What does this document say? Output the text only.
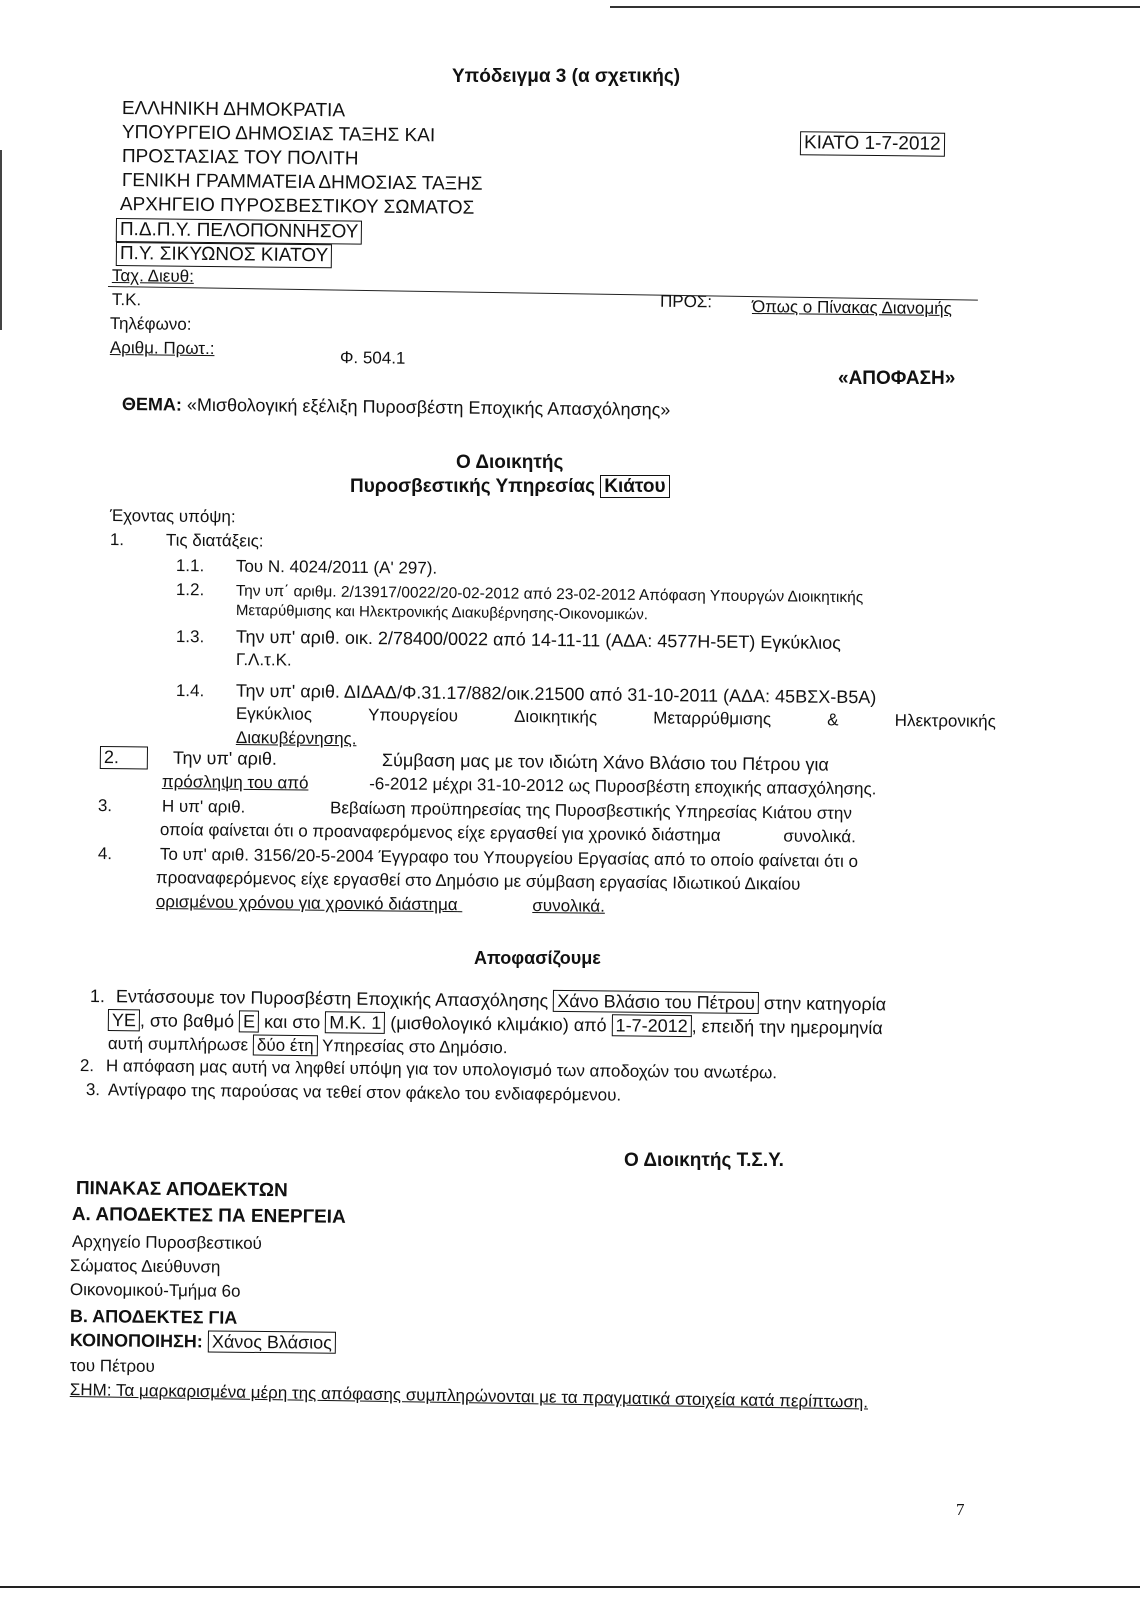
Υπόδειγμα 3 (α σχετικής)
ΕΛΛΗΝΙΚΗ ΔΗΜΟΚΡΑΤΙΑ
ΥΠΟΥΡΓΕΙΟ ΔΗΜΟΣΙΑΣ ΤΑΞΗΣ ΚΑΙ
ΠΡΟΣΤΑΣΙΑΣ ΤΟΥ ΠΟΛΙΤΗ
ΓΕΝΙΚΗ ΓΡΑΜΜΑΤΕΙΑ ΔΗΜΟΣΙΑΣ ΤΑΞΗΣ
ΑΡΧΗΓΕΙΟ ΠΥΡΟΣΒΕΣΤΙΚΟΥ ΣΩΜΑΤΟΣ
Π.Δ.Π.Υ. ΠΕΛΟΠΟΝΝΗΣΟΥ
Π.Υ. ΣΙΚΥΩΝΟΣ ΚΙΑΤΟΥ
ΚΙΑΤΟ 1-7-2012
Ταχ. Διευθ:
Τ.Κ.
Τηλέφωνο:
Αριθμ. Πρωτ.:	Φ. 504.1
ΠΡΟΣ: Όπως ο Πίνακας Διανομής
«ΑΠΟΦΑΣΗ»
ΘΕΜΑ: «Μισθολογική εξέλιξη Πυροσβέστη Εποχικής Απασχόλησης»
Ο Διοικητής
Πυροσβεστικής Υπηρεσίας Κιάτου
Έχοντας υπόψη:
1. Τις διατάξεις:
1.1. Του Ν. 4024/2011 (Α' 297).
1.2. Την υπ΄ αριθμ. 2/13917/0022/20-02-2012 από 23-02-2012 Απόφαση Υπουργών Διοικητικής
Μεταρύθμισης και Ηλεκτρονικής Διακυβέρνησης-Οικονομικών.
1.3. Την υπ' αριθ. οικ. 2/78400/0022 από 14-11-11 (ΑΔΑ: 4577Η-5ΕΤ) Εγκύκλιος
Γ.Λ.τ.Κ.
1.4. Την υπ' αριθ. ΔΙΔΑΔ/Φ.31.17/882/οικ.21500 από 31-10-2011 (ΑΔΑ: 45ΒΣΧ-Β5Α)
Εγκύκλιος	Υπουργείου	Διοικητικής	Μεταρρύθμισης	&	Ηλεκτρονικής
Διακυβέρνησης.
2.	Την υπ' αριθ.	Σύμβαση μας με τον ιδιώτη Χάνο Βλάσιο του Πέτρου για
πρόσληψη του από	-6-2012 μέχρι 31-10-2012 ως Πυροσβέστη εποχικής απασχόλησης.
3.	Η υπ' αριθ.	Βεβαίωση προϋπηρεσίας της Πυροσβεστικής Υπηρεσίας Κιάτου στην
οποία φαίνεται ότι ο προαναφερόμενος είχε εργασθεί για χρονικό διάστημα	συνολικά.
4.	Το υπ' αριθ. 3156/20-5-2004 Έγγραφο του Υπουργείου Εργασίας από το οποίο φαίνεται ότι ο
προαναφερόμενος είχε εργασθεί στο Δημόσιο με σύμβαση εργασίας Ιδιωτικού Δικαίου
ορισμένου χρόνου για χρονικό διάστημα	συνολικά.
Αποφασίζουμε
1. Εντάσσουμε τον Πυροσβέστη Εποχικής Απασχόλησης Χάνο Βλάσιο του Πέτρου στην κατηγορία
ΥΕ , στο βαθμό Ε και στο Μ.Κ. 1 (μισθολογικό κλιμάκιο) από 1-7-2012 , επειδή την ημερομηνία
αυτή συμπλήρωσε δύο έτη Υπηρεσίας στο Δημόσιο.
2. Η απόφαση μας αυτή να ληφθεί υπόψη για τον υπολογισμό των αποδοχών του ανωτέρω.
3. Αντίγραφο της παρούσας να τεθεί στον φάκελο του ενδιαφερόμενου.
Ο Διοικητής Τ.Σ.Υ.
ΠΙΝΑΚΑΣ ΑΠΟΔΕΚΤΩΝ
Α. ΑΠΟΔΕΚΤΕΣ ΠΑ ΕΝΕΡΓΕΙΑ
Αρχηγείο Πυροσβεστικού
Σώματος Διεύθυνση
Οικονομικού-Τμήμα 6ο
Β. ΑΠΟΔΕΚΤΕΣ ΓΙΑ
ΚΟΙΝΟΠΟΙΗΣΗ: Χάνος Βλάσιος
του Πέτρου
ΣΗΜ: Τα μαρκαρισμένα μέρη της απόφασης συμπληρώνονται με τα πραγματικά στοιχεία κατά περίπτωση.
7
